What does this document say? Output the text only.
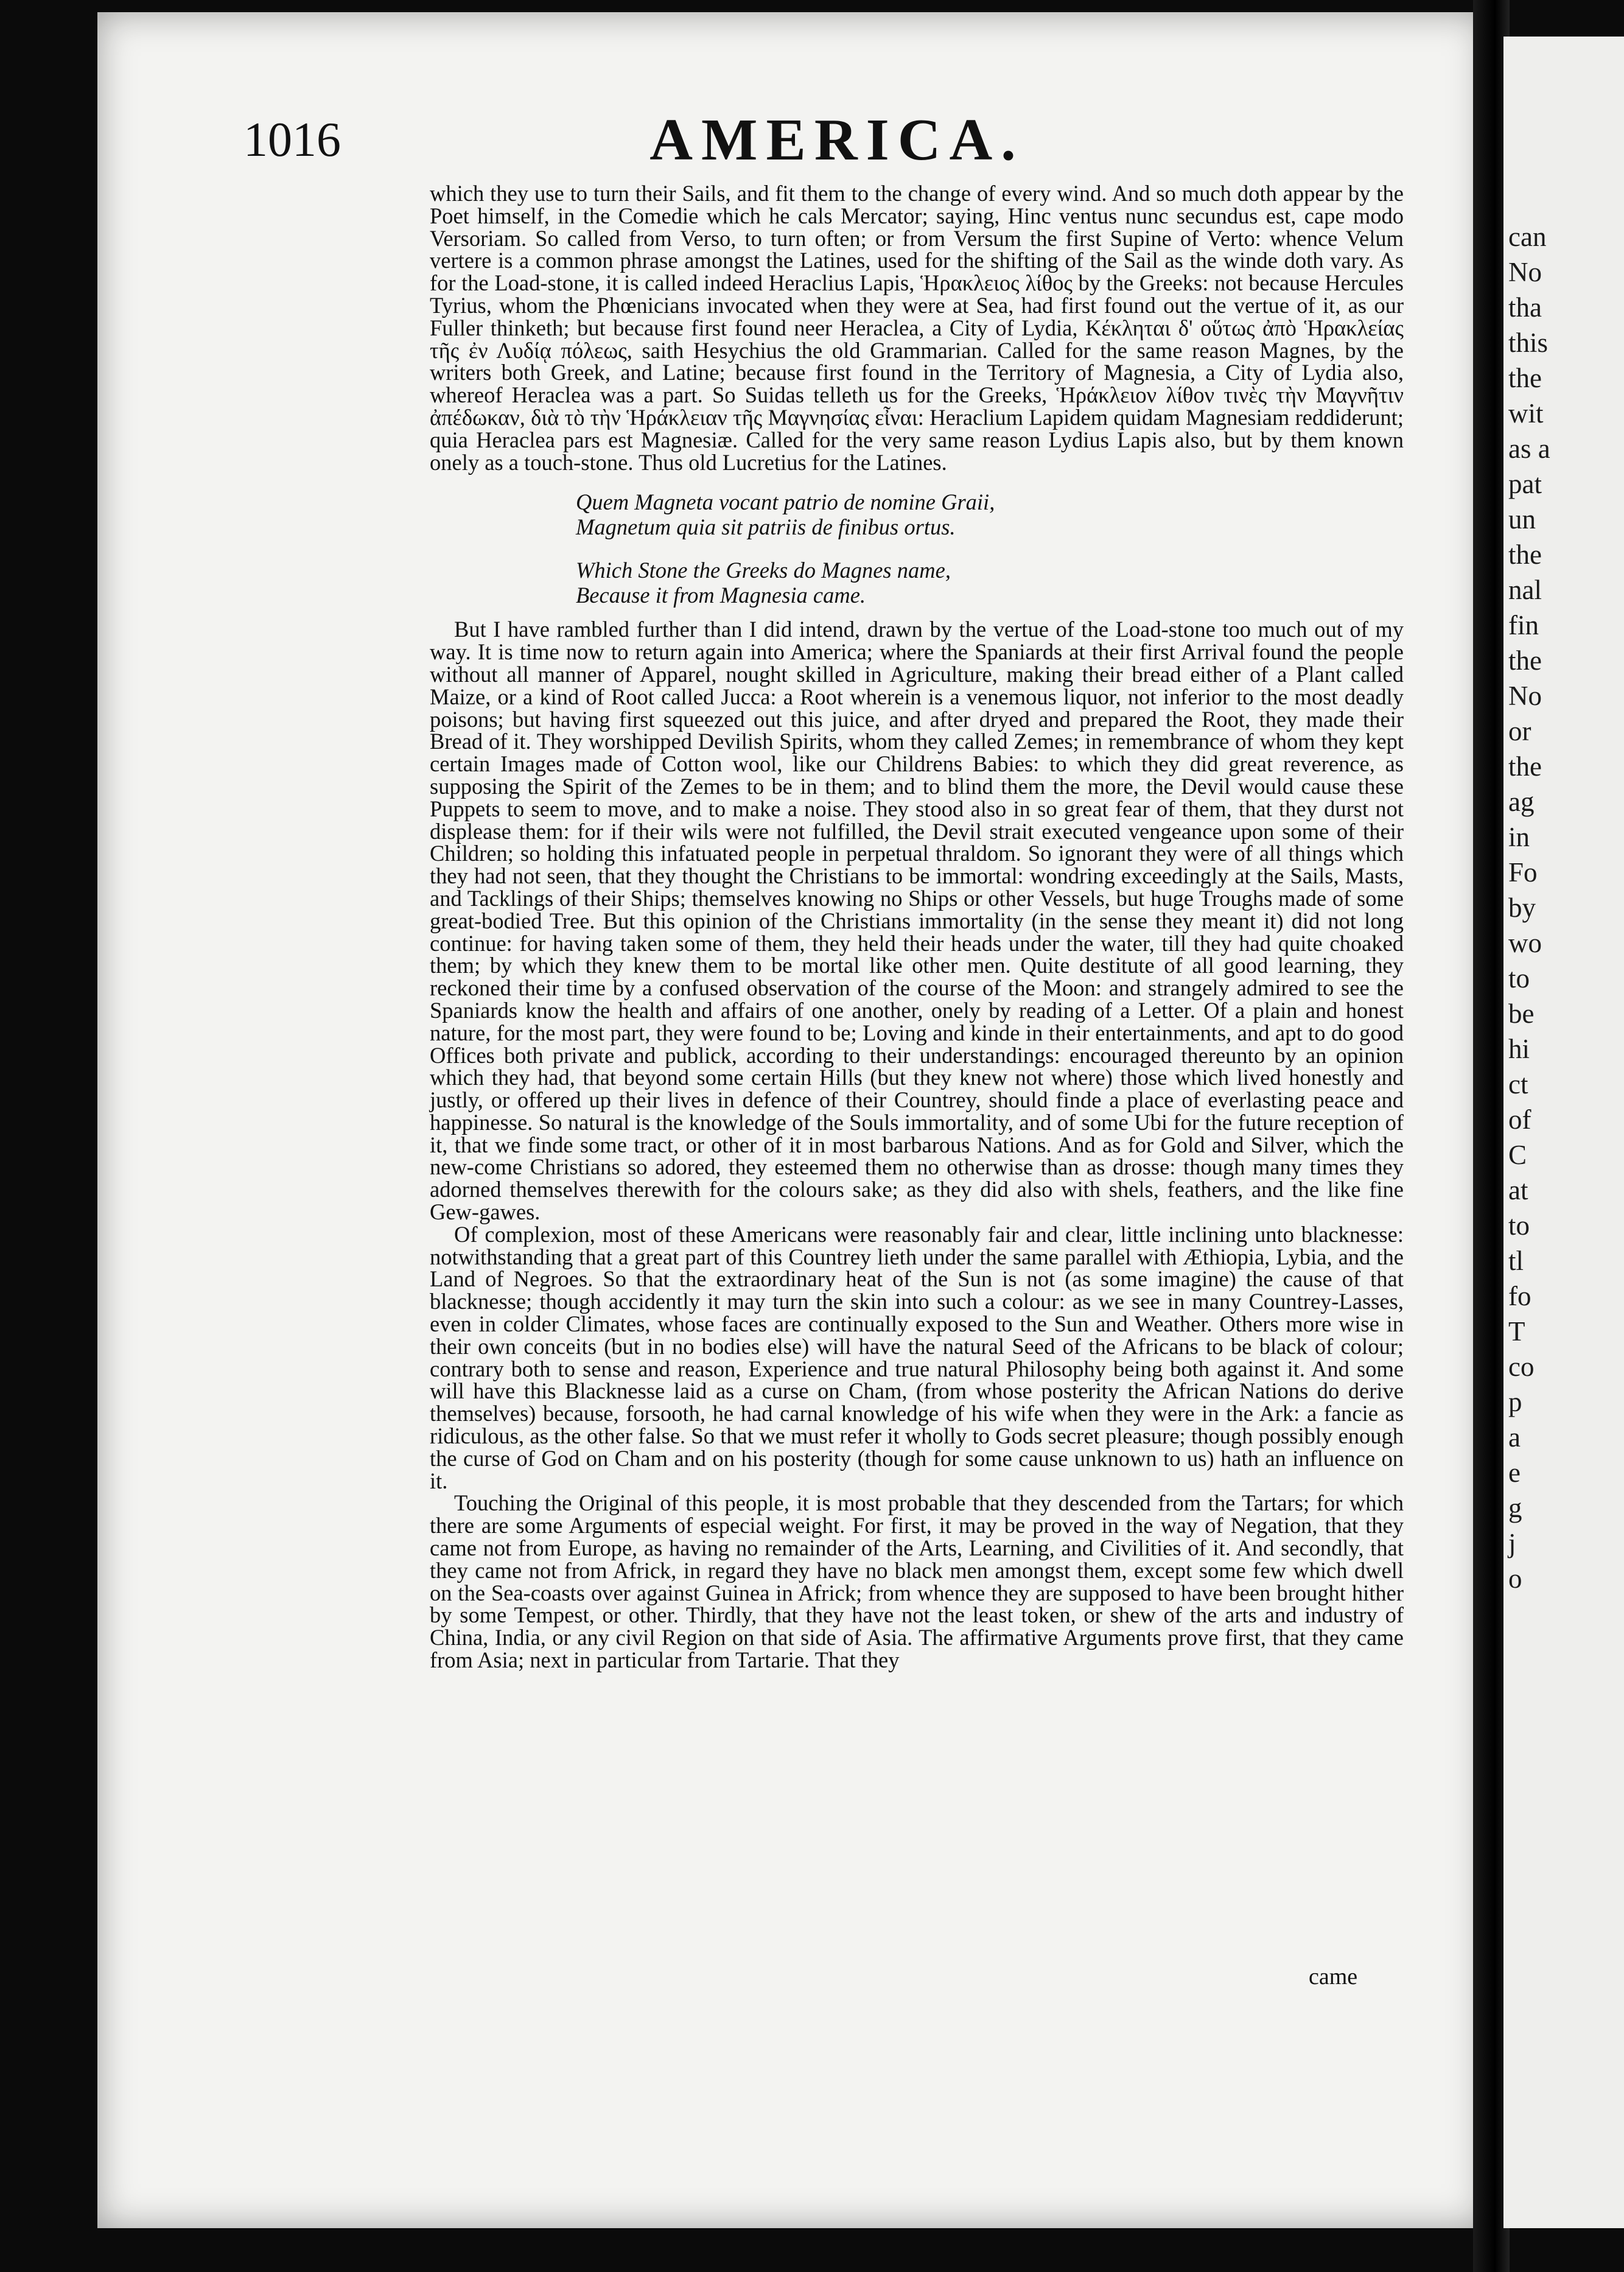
1016	AMERICA.

which they use to turn their Sails, and fit them to the change of every wind. And so much doth appear by the Poet himself, in the Comedie which he cals Mercator; saying, Hinc ventus nunc secundus est, cape modo Versoriam. So called from Verso, to turn often; or from Versum the first Supine of Verto: whence Velum vertere is a common phrase amongst the Latines, used for the shifting of the Sail as the winde doth vary. As for the Load-stone, it is called indeed Heraclius Lapis, Ἡρακλειος λίθος by the Greeks: not because Hercules Tyrius, whom the Phœnicians invocated when they were at Sea, had first found out the vertue of it, as our Fuller thinketh; but because first found neer Heraclea, a City of Lydia, Κέκληται δ' οὕτως ἀπὸ Ἡρακλείας τῆς ἐν Λυδίᾳ πόλεως, saith Hesychius the old Grammarian. Called for the same reason Magnes, by the writers both Greek, and Latine; because first found in the Territory of Magnesia, a City of Lydia also, whereof Heraclea was a part. So Suidas telleth us for the Greeks, Ἡράκλειον λίθον τινὲς τὴν Μαγνῆτιν ἀπέδωκαν, διὰ τὸ τὴν Ἡράκλειαν τῆς Μαγνησίας εἶναι: Heraclium Lapidem quidam Magnesiam reddiderunt; quia Heraclea pars est Magnesiæ. Called for the very same reason Lydius Lapis also, but by them known onely as a touch-stone. Thus old Lucretius for the Latines.

Quem Magneta vocant patrio de nomine Graii,
Magnetum quia sit patriis de finibus ortus.
Which Stone the Greeks do Magnes name,
Because it from Magnesia came.

But I have rambled further than I did intend, drawn by the vertue of the Load-stone too much out of my way. It is time now to return again into America; where the Spaniards at their first Arrival found the people without all manner of Apparel, nought skilled in Agriculture, making their bread either of a Plant called Maize, or a kind of Root called Jucca: a Root wherein is a venemous liquor, not inferior to the most deadly poisons; but having first squeezed out this juice, and after dryed and prepared the Root, they made their Bread of it. They worshipped Devilish Spirits, whom they called Zemes; in remembrance of whom they kept certain Images made of Cotton wool, like our Childrens Babies: to which they did great reverence, as supposing the Spirit of the Zemes to be in them; and to blind them the more, the Devil would cause these Puppets to seem to move, and to make a noise. They stood also in so great fear of them, that they durst not displease them: for if their wils were not fulfilled, the Devil strait executed vengeance upon some of their Children; so holding this infatuated people in perpetual thraldom. So ignorant they were of all things which they had not seen, that they thought the Christians to be immortal: wondring exceedingly at the Sails, Masts, and Tacklings of their Ships; themselves knowing no Ships or other Vessels, but huge Troughs made of some great-bodied Tree. But this opinion of the Christians immortality (in the sense they meant it) did not long continue: for having taken some of them, they held their heads under the water, till they had quite choaked them; by which they knew them to be mortal like other men. Quite destitute of all good learning, they reckoned their time by a confused observation of the course of the Moon: and strangely admired to see the Spaniards know the health and affairs of one another, onely by reading of a Letter. Of a plain and honest nature, for the most part, they were found to be; Loving and kinde in their entertainments, and apt to do good Offices both private and publick, according to their understandings: encouraged thereunto by an opinion which they had, that beyond some certain Hills (but they knew not where) those which lived honestly and justly, or offered up their lives in defence of their Countrey, should finde a place of everlasting peace and happinesse. So natural is the knowledge of the Souls immortality, and of some Ubi for the future reception of it, that we finde some tract, or other of it in most barbarous Nations. And as for Gold and Silver, which the new-come Christians so adored, they esteemed them no otherwise than as drosse: though many times they adorned themselves therewith for the colours sake; as they did also with shels, feathers, and the like fine Gew-gawes.

Of complexion, most of these Americans were reasonably fair and clear, little inclining unto blacknesse: notwithstanding that a great part of this Countrey lieth under the same parallel with Æthiopia, Lybia, and the Land of Negroes. So that the extraordinary heat of the Sun is not (as some imagine) the cause of that blacknesse; though accidently it may turn the skin into such a colour: as we see in many Countrey-Lasses, even in colder Climates, whose faces are continually exposed to the Sun and Weather. Others more wise in their own conceits (but in no bodies else) will have the natural Seed of the Africans to be black of colour; contrary both to sense and reason, Experience and true natural Philosophy being both against it. And some will have this Blacknesse laid as a curse on Cham, (from whose posterity the African Nations do derive themselves) because, forsooth, he had carnal knowledge of his wife when they were in the Ark: a fancie as ridiculous, as the other false. So that we must refer it wholly to Gods secret pleasure; though possibly enough the curse of God on Cham and on his posterity (though for some cause unknown to us) hath an influence on it.

Touching the Original of this people, it is most probable that they descended from the Tartars; for which there are some Arguments of especial weight. For first, it may be proved in the way of Negation, that they came not from Europe, as having no remainder of the Arts, Learning, and Civilities of it. And secondly, that they came not from Africk, in regard they have no black men amongst them, except some few which dwell on the Sea-coasts over against Guinea in Africk; from whence they are supposed to have been brought hither by some Tempest, or other. Thirdly, that they have not the least token, or shew of the arts and industry of China, India, or any civil Region on that side of Asia. The affirmative Arguments prove first, that they came from Asia; next in particular from Tartarie. That they

came
can
No
tha
this
the
wit
as a
pat
un
the
nal
fin
the
No
or
the
ag
in
Fo
by
wo
to
be
hi
ct
of
C
at
to
tl
fo
T
co
p
a
e
g
j
o
